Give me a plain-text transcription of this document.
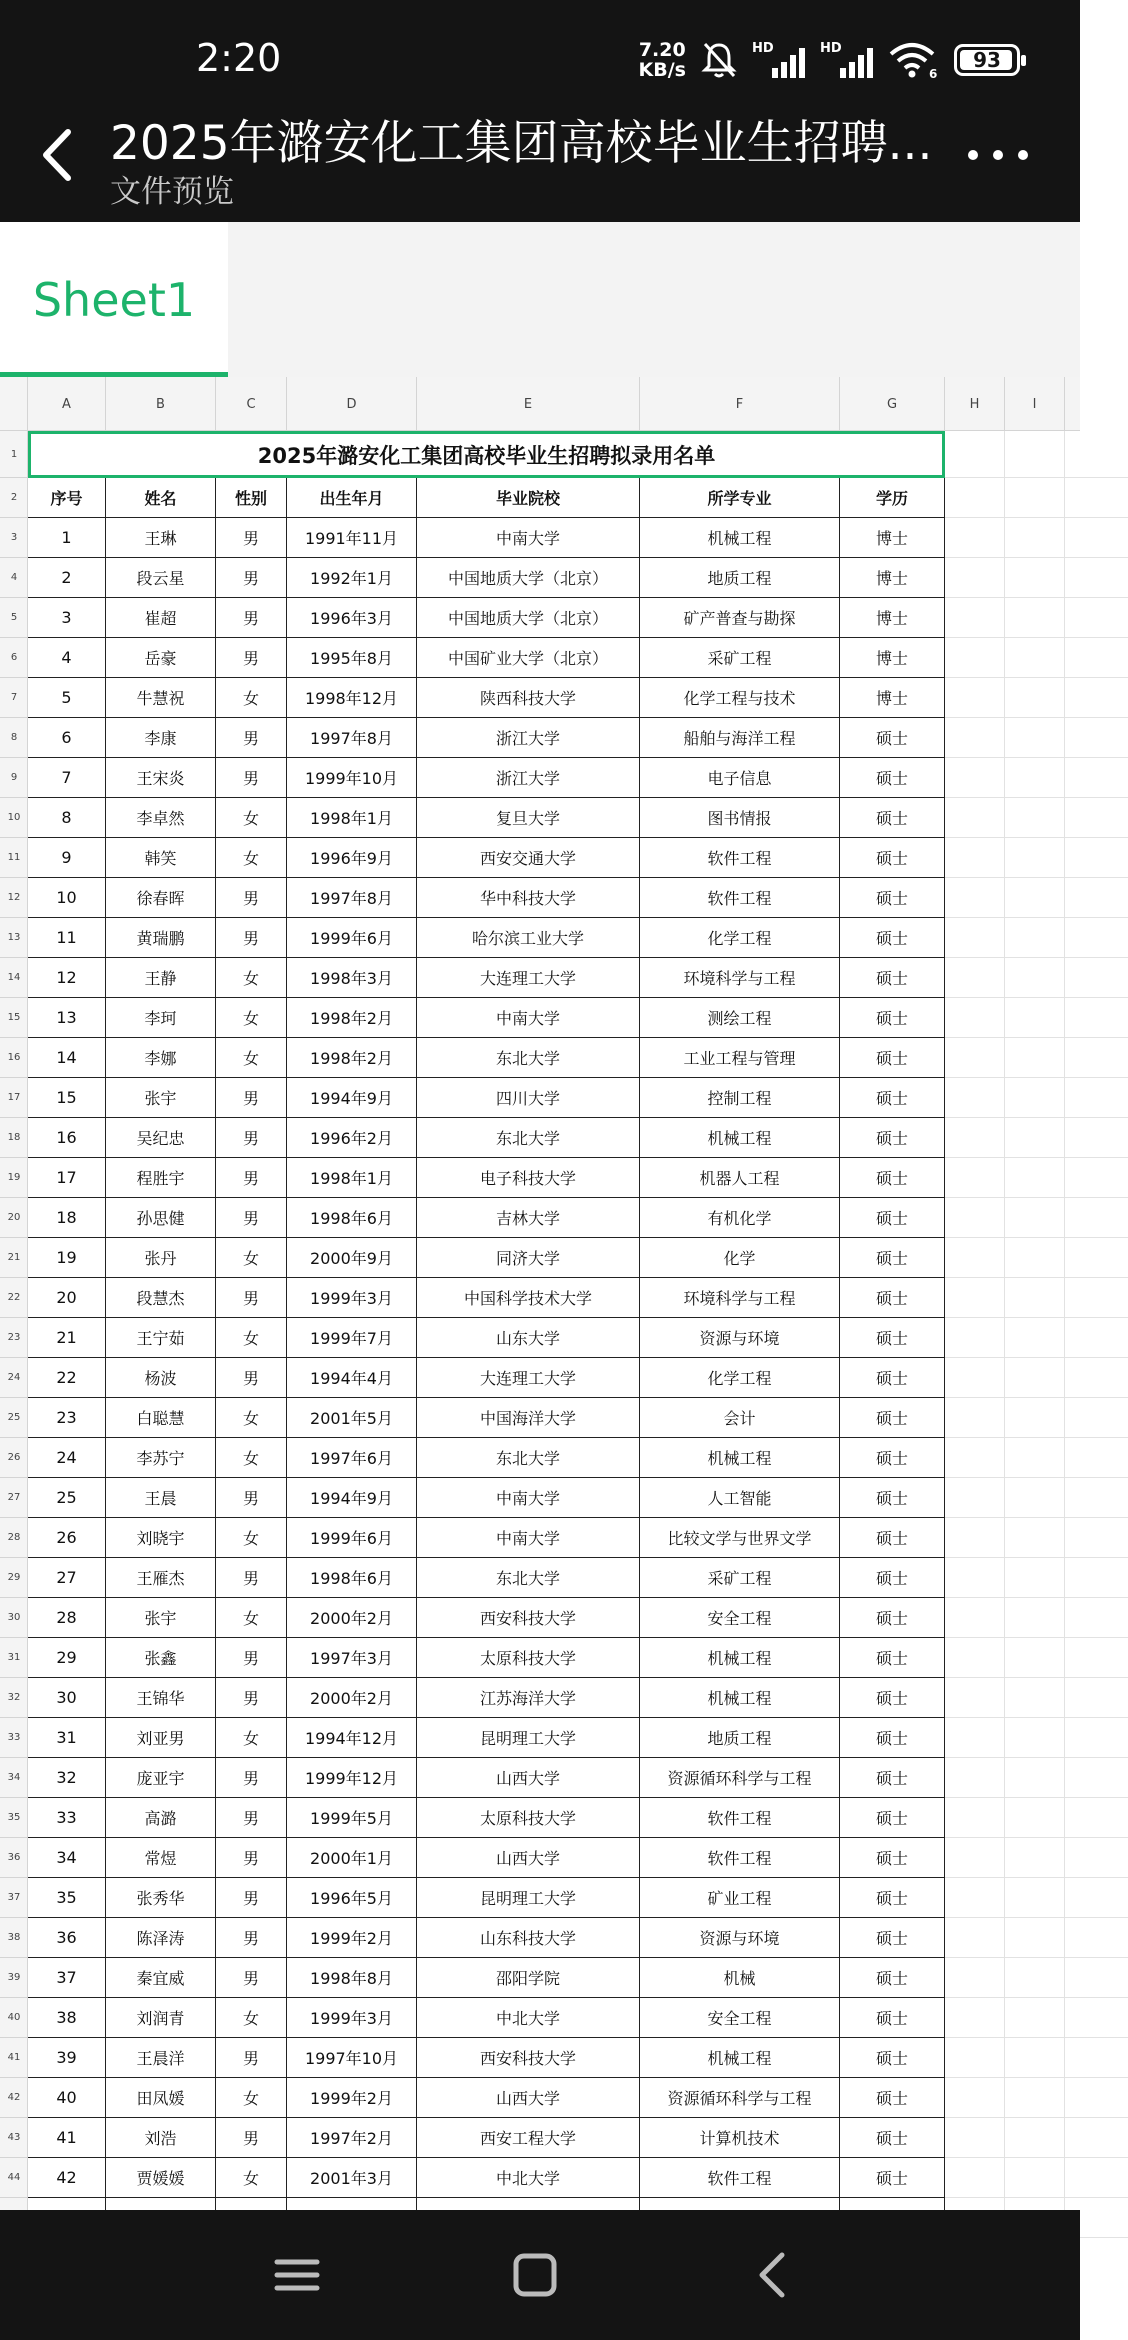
2:20	7.20
KB/s
HD	HD
6
93
2025年潞安化工集团高校毕业生招聘...
文件预览
Sheet1
A	B	C	D	E	F	G	H	I
1
2
3
4
5
6
7
8
9
10
11
12
13
14
15
16
17
18
19
20
21
22
23
24
25
26
27
28
29
30
31
32
33
34
35
36
37
38
39
40
41
42
43
44
2025年潞安化工集团高校毕业生招聘拟录用名单
序号	姓名	性别	出生年月	毕业院校	所学专业	学历
1	王琳	男	1991年11月	中南大学	机械工程	博士
2	段云星	男	1992年1月	中国地质大学（北京）	地质工程	博士
3	崔超	男	1996年3月	中国地质大学（北京）	矿产普查与勘探	博士
4	岳豪	男	1995年8月	中国矿业大学（北京）	采矿工程	博士
5	牛慧祝	女	1998年12月	陕西科技大学	化学工程与技术	博士
6	李康	男	1997年8月	浙江大学	船舶与海洋工程	硕士
7	王宋炎	男	1999年10月	浙江大学	电子信息	硕士
8	李卓然	女	1998年1月	复旦大学	图书情报	硕士
9	韩笑	女	1996年9月	西安交通大学	软件工程	硕士
10	徐春晖	男	1997年8月	华中科技大学	软件工程	硕士
11	黄瑞鹏	男	1999年6月	哈尔滨工业大学	化学工程	硕士
12	王静	女	1998年3月	大连理工大学	环境科学与工程	硕士
13	李珂	女	1998年2月	中南大学	测绘工程	硕士
14	李娜	女	1998年2月	东北大学	工业工程与管理	硕士
15	张宇	男	1994年9月	四川大学	控制工程	硕士
16	吴纪忠	男	1996年2月	东北大学	机械工程	硕士
17	程胜宇	男	1998年1月	电子科技大学	机器人工程	硕士
18	孙思健	男	1998年6月	吉林大学	有机化学	硕士
19	张丹	女	2000年9月	同济大学	化学	硕士
20	段慧杰	男	1999年3月	中国科学技术大学	环境科学与工程	硕士
21	王宁茹	女	1999年7月	山东大学	资源与环境	硕士
22	杨波	男	1994年4月	大连理工大学	化学工程	硕士
23	白聪慧	女	2001年5月	中国海洋大学	会计	硕士
24	李苏宁	女	1997年6月	东北大学	机械工程	硕士
25	王晨	男	1994年9月	中南大学	人工智能	硕士
26	刘晓宇	女	1999年6月	中南大学	比较文学与世界文学	硕士
27	王雁杰	男	1998年6月	东北大学	采矿工程	硕士
28	张宇	女	2000年2月	西安科技大学	安全工程	硕士
29	张鑫	男	1997年3月	太原科技大学	机械工程	硕士
30	王锦华	男	2000年2月	江苏海洋大学	机械工程	硕士
31	刘亚男	女	1994年12月	昆明理工大学	地质工程	硕士
32	庞亚宇	男	1999年12月	山西大学	资源循环科学与工程	硕士
33	高潞	男	1999年5月	太原科技大学	软件工程	硕士
34	常煜	男	2000年1月	山西大学	软件工程	硕士
35	张秀华	男	1996年5月	昆明理工大学	矿业工程	硕士
36	陈泽涛	男	1999年2月	山东科技大学	资源与环境	硕士
37	秦宜威	男	1998年8月	邵阳学院	机械	硕士
38	刘润青	女	1999年3月	中北大学	安全工程	硕士
39	王晨洋	男	1997年10月	西安科技大学	机械工程	硕士
40	田凤媛	女	1999年2月	山西大学	资源循环科学与工程	硕士
41	刘浩	男	1997年2月	西安工程大学	计算机技术	硕士
42	贾媛媛	女	2001年3月	中北大学	软件工程	硕士
